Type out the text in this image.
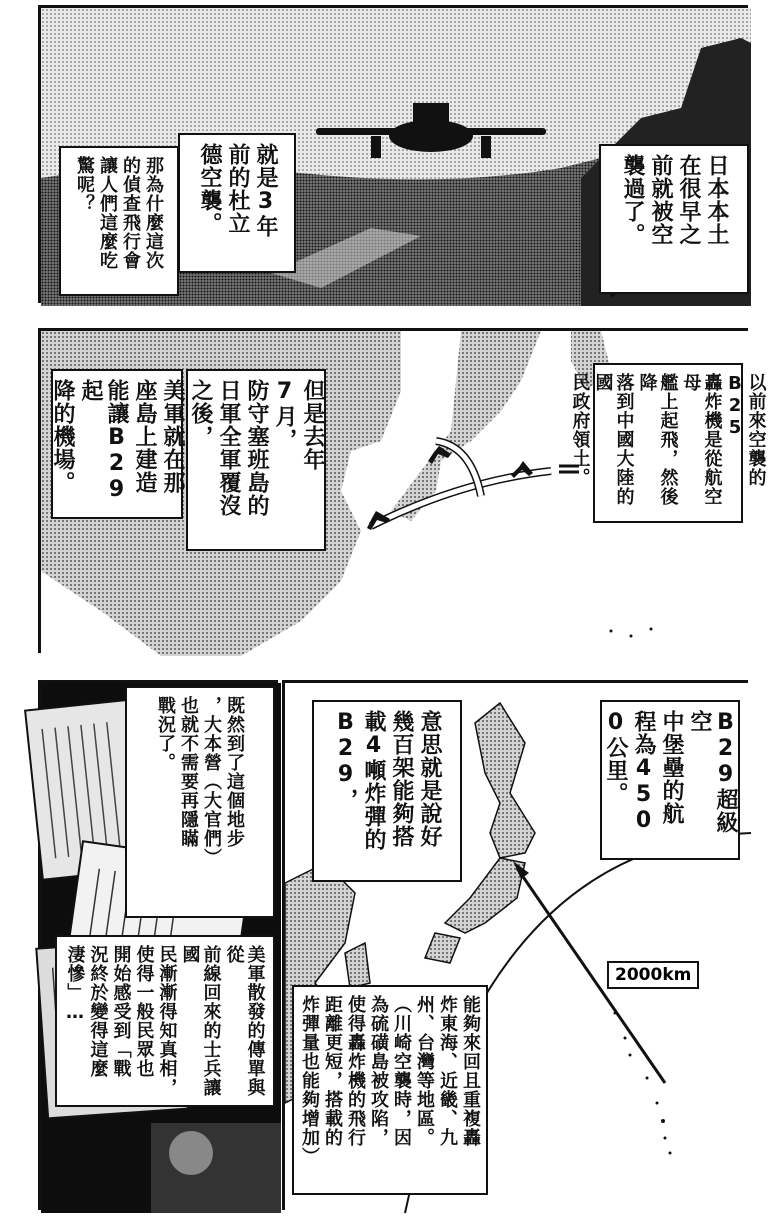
日本本土
在很早之
前就被空
襲過了。
就是3年
前的杜立
德空襲。
那為什麼這次
的偵查飛行會
讓人們這麼吃
驚呢？
以前來空襲的B25
轟炸機是從航空母
艦上起飛，然後降
落到中國大陸的國
民政府領土。
但是去年
7月，
防守塞班島的
日軍全軍覆沒
之後，
美軍就在那
座島上建造
能讓B29起
降的機場。
既然到了這個地步
，大本營（大官們）
也就不需要再隱瞞
戰況了。
美軍散發的傳單與從
前線回來的士兵讓國
民漸漸得知真相，
使得一般民眾也
開始感受到「戰
況終於變得這麼
淒慘」…	2000km
B29超級空
中堡壘的航
程為450
0公里。
意思就是說好
幾百架能夠搭
載4噸炸彈的
B29，
能夠來回且重複轟
炸東海、近畿、九
州、台灣等地區。
（川崎空襲時，因
為硫磺島被攻陷，
使得轟炸機的飛行
距離更短，搭載的
炸彈量也能夠增加）
